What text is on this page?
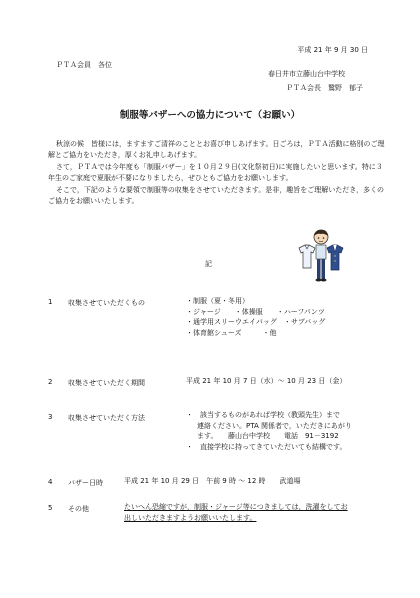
平成 21 年 9 月 30 日
ＰＴＡ会員　各位
春日井市立藤山台中学校
ＰＴＡ会長　鷲野　郁子
制服等バザーへの協力について（お願い）

秋涼の候　皆様には，ますますご清祥のこととお喜び申しあげます。日ごろは，ＰＴＡ活動に格別のご理解とご協力をいただき，厚くお礼申しあげます。

さて，ＰＴＡでは今年度も「制服バザー」を１０月２９日(文化祭初日)に実施したいと思います。特に３年生のご家庭で夏服が不要になりましたら，ぜひともご協力をお願いします。

そこで，下記のような要領で制服等の収集をさせていただきます。是非，趣旨をご理解いただき，多くのご協力をお願いいたします。

記
1 収集させていただくもの	・制服（夏・冬用）
・ジャージ　　・体操服　　・ハーフパンツ
・通学用スリーウエイバッグ　・サブバッグ
・体育館シューズ　　　・他
2 収集させていただく期間	平成 21 年 10 月 7 日（水）～ 10 月 23 日（金）
3 収集させていただく方法	・　該当するものがあれば学校（教頭先生）まで
連絡ください。PTA 関係者で，いただきにあがり
ます。　　藤山台中学校　　電話　91－3192
・　直接学校に持ってきていただいても結構です。
4 バザー日時	平成 21 年 10 月 29 日　午前 9 時 ～ 12 時　　武道場
5 その他	たいへん恐縮ですが，制服・ジャージ等につきましては，洗濯をしてお
出しいただきますようお願いいたします。
